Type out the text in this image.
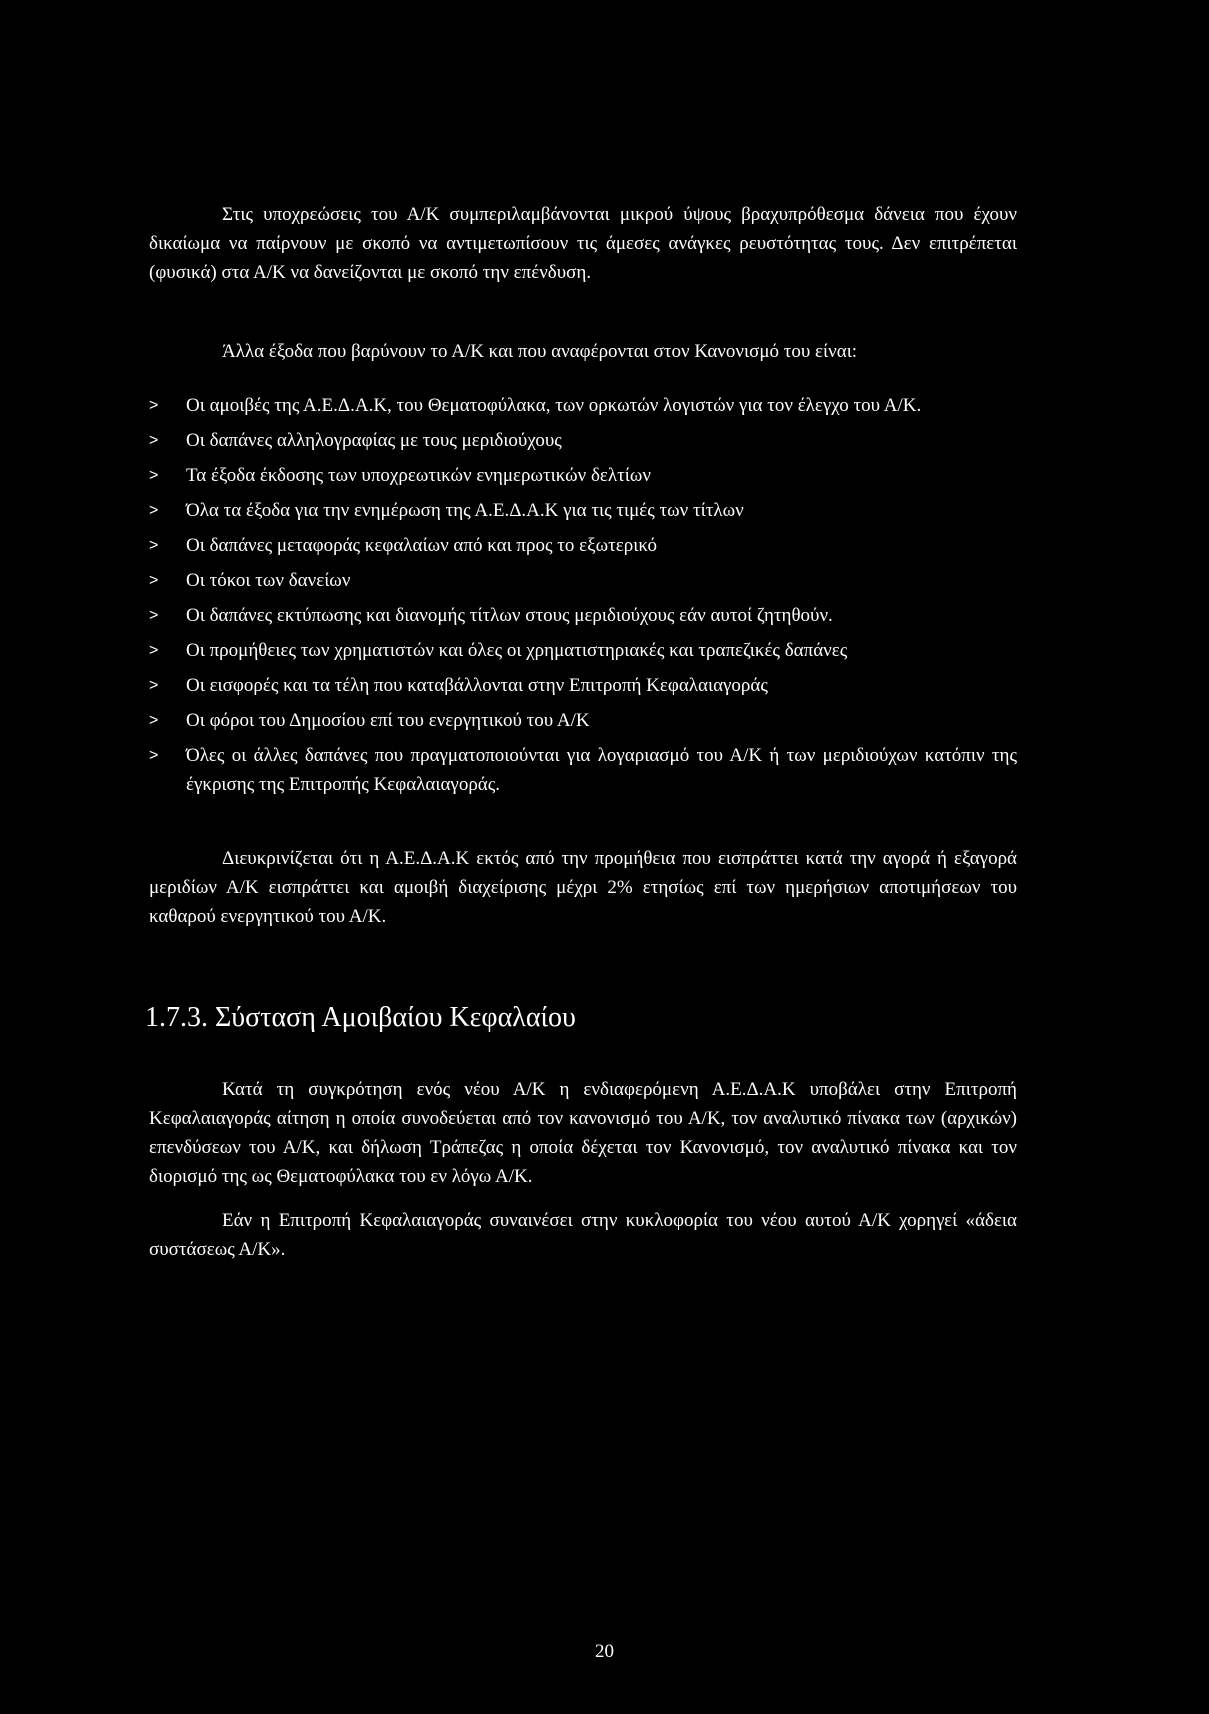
Στις υποχρεώσεις του Α/Κ συμπεριλαμβάνονται μικρού ύψους βραχυπρόθεσμα δάνεια που έχουν δικαίωμα να παίρνουν με σκοπό να αντιμετωπίσουν τις άμεσες ανάγκες ρευστότητας τους. Δεν επιτρέπεται (φυσικά) στα Α/Κ να δανείζονται με σκοπό την επένδυση.

Άλλα έξοδα που βαρύνουν το Α/Κ και που αναφέρονται στον Κανονισμό του είναι:

> Οι αμοιβές της Α.Ε.Δ.Α.Κ, του Θεματοφύλακα, των ορκωτών λογιστών για τον έλεγχο του Α/Κ.
> Οι δαπάνες αλληλογραφίας με τους μεριδιούχους
> Τα έξοδα έκδοσης των υποχρεωτικών ενημερωτικών δελτίων
> Όλα τα έξοδα για την ενημέρωση της Α.Ε.Δ.Α.Κ για τις τιμές των τίτλων
> Οι δαπάνες μεταφοράς κεφαλαίων από και προς το εξωτερικό
> Οι τόκοι των δανείων
> Οι δαπάνες εκτύπωσης και διανομής τίτλων στους μεριδιούχους εάν αυτοί ζητηθούν.
> Οι προμήθειες των χρηματιστών και όλες οι χρηματιστηριακές και τραπεζικές δαπάνες
> Οι εισφορές και τα τέλη που καταβάλλονται στην Επιτροπή Κεφαλαιαγοράς
> Οι φόροι του Δημοσίου επί του ενεργητικού του Α/Κ
> Όλες οι άλλες δαπάνες που πραγματοποιούνται για λογαριασμό του Α/Κ ή των μεριδιούχων κατόπιν της έγκρισης της Επιτροπής Κεφαλαιαγοράς.

Διευκρινίζεται ότι η Α.Ε.Δ.Α.Κ εκτός από την προμήθεια που εισπράττει κατά την αγορά ή εξαγορά μεριδίων Α/Κ εισπράττει και αμοιβή διαχείρισης μέχρι 2% ετησίως επί των ημερήσιων αποτιμήσεων του καθαρού ενεργητικού του Α/Κ.

1.7.3. Σύσταση Αμοιβαίου Κεφαλαίου

Κατά τη συγκρότηση ενός νέου Α/Κ η ενδιαφερόμενη Α.Ε.Δ.Α.Κ υποβάλει στην Επιτροπή Κεφαλαιαγοράς αίτηση η οποία συνοδεύεται από τον κανονισμό του Α/Κ, τον αναλυτικό πίνακα των (αρχικών) επενδύσεων του Α/Κ, και δήλωση Τράπεζας η οποία δέχεται τον Κανονισμό, τον αναλυτικό πίνακα και τον διορισμό της ως Θεματοφύλακα του εν λόγω Α/Κ.

Εάν η Επιτροπή Κεφαλαιαγοράς συναινέσει στην κυκλοφορία του νέου αυτού Α/Κ χορηγεί «άδεια συστάσεως Α/Κ».

20
